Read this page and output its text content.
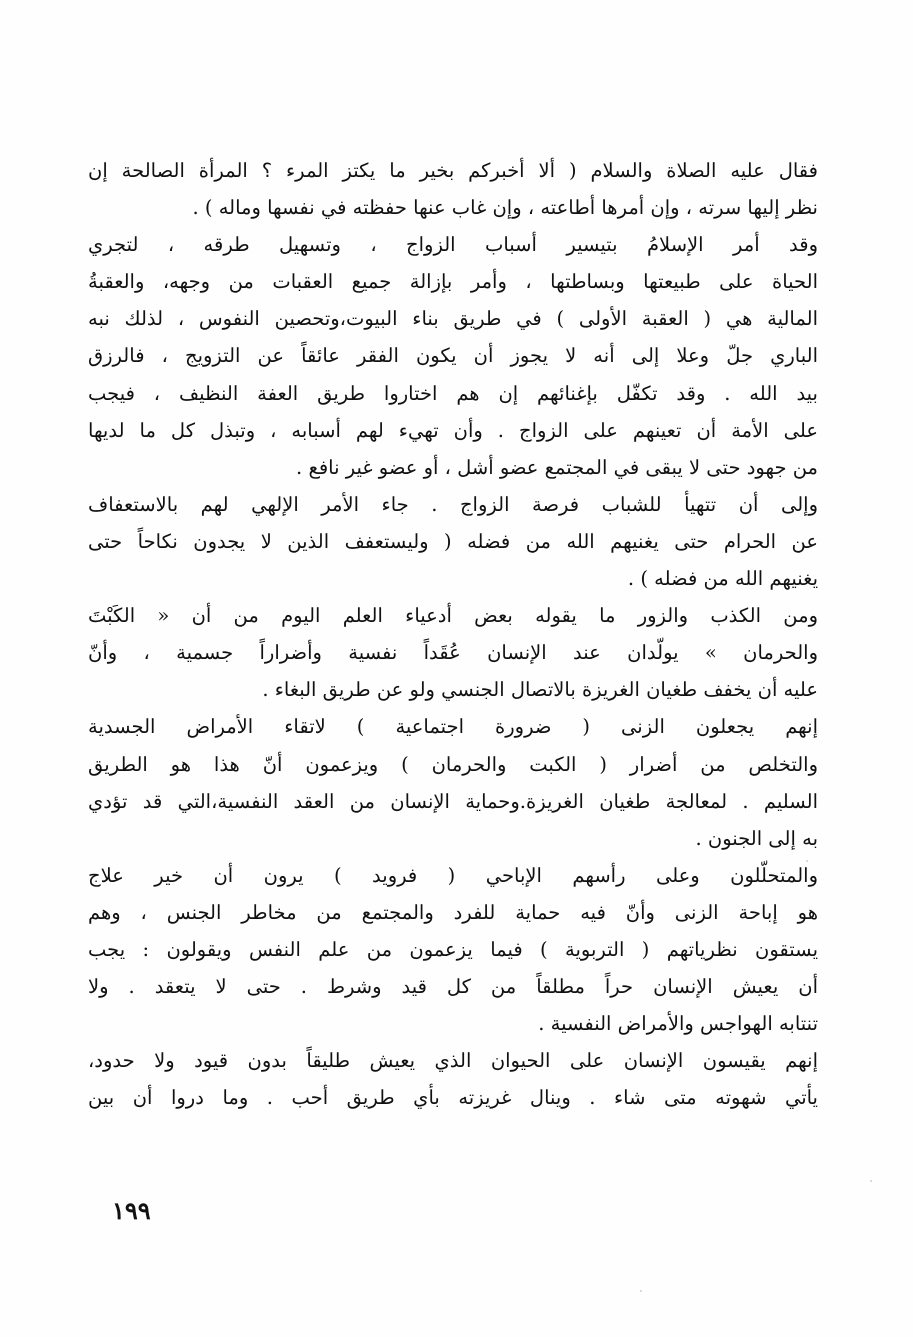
فقال عليه الصلاة والسلام ( ألا أخبركم بخير ما يكتز المرء ؟ المرأة الصالحة إن
نظر إليها سرته ، وإن أمرها أطاعته ، وإن غاب عنها حفظته في نفسها وماله ) .
وقد أمر الإسلامُ بتيسير أسباب الزواج ، وتسهيل طرقه ، لتجري
الحياة على طبيعتها وبساطتها ، وأمر بإزالة جميع العقبات من وجهه، والعقبةُ
المالية هي ( العقبة الأولى ) في طريق بناء البيوت،وتحصين النفوس ، لذلك نبه
الباري جلّ وعلا إلى أنه لا يجوز أن يكون الفقر عائقاً عن التزويج ، فالرزق
بيد الله . وقد تكفّل بإغنائهم إن هم اختاروا طريق العفة النظيف ، فيجب
على الأمة أن تعينهم على الزواج . وأن تهيء لهم أسبابه ، وتبذل كل ما لديها
من جهود حتى لا يبقى في المجتمع عضو أشل ، أو عضو غير نافع .
وإلى أن تتهيأ للشباب فرصة الزواج . جاء الأمر الإلهي لهم بالاستعفاف
عن الحرام حتى يغنيهم الله من فضله ( وليستعفف الذين لا يجدون نكاحاً حتى
يغنيهم الله من فضله ) .
ومن الكذب والزور ما يقوله بعض أدعياء العلم اليوم من أن « الكَبْتَ
والحرمان » يولّدان عند الإنسان عُقَداً نفسية وأضراراً جسمية ، وأنّ
عليه أن يخفف طغيان الغريزة بالاتصال الجنسي ولو عن طريق البغاء .
إنهم يجعلون الزنى ( ضرورة اجتماعية ) لاتقاء الأمراض الجسدية
والتخلص من أضرار ( الكبت والحرمان ) ويزعمون أنّ هذا هو الطريق
السليم . لمعالجة طغيان الغريزة.وحماية الإنسان من العقد النفسية،التي قد تؤدي
به إلى الجنون .
والمتحلّلون وعلى رأسهم الإباحي ( فرويد ) يرون أن خير علاج
هو إباحة الزنى وأنّ فيه حماية للفرد والمجتمع من مخاطر الجنس ، وهم
يستقون نظرياتهم ( التربوية ) فيما يزعمون من علم النفس ويقولون : يجب
أن يعيش الإنسان حراً مطلقاً من كل قيد وشرط . حتى لا يتعقد . ولا
تنتابه الهواجس والأمراض النفسية .
إنهم يقيسون الإنسان على الحيوان الذي يعيش طليقاً بدون قيود ولا حدود،
يأتي شهوته متى شاء . وينال غريزته بأي طريق أحب . وما دروا أن بين
١٩٩
